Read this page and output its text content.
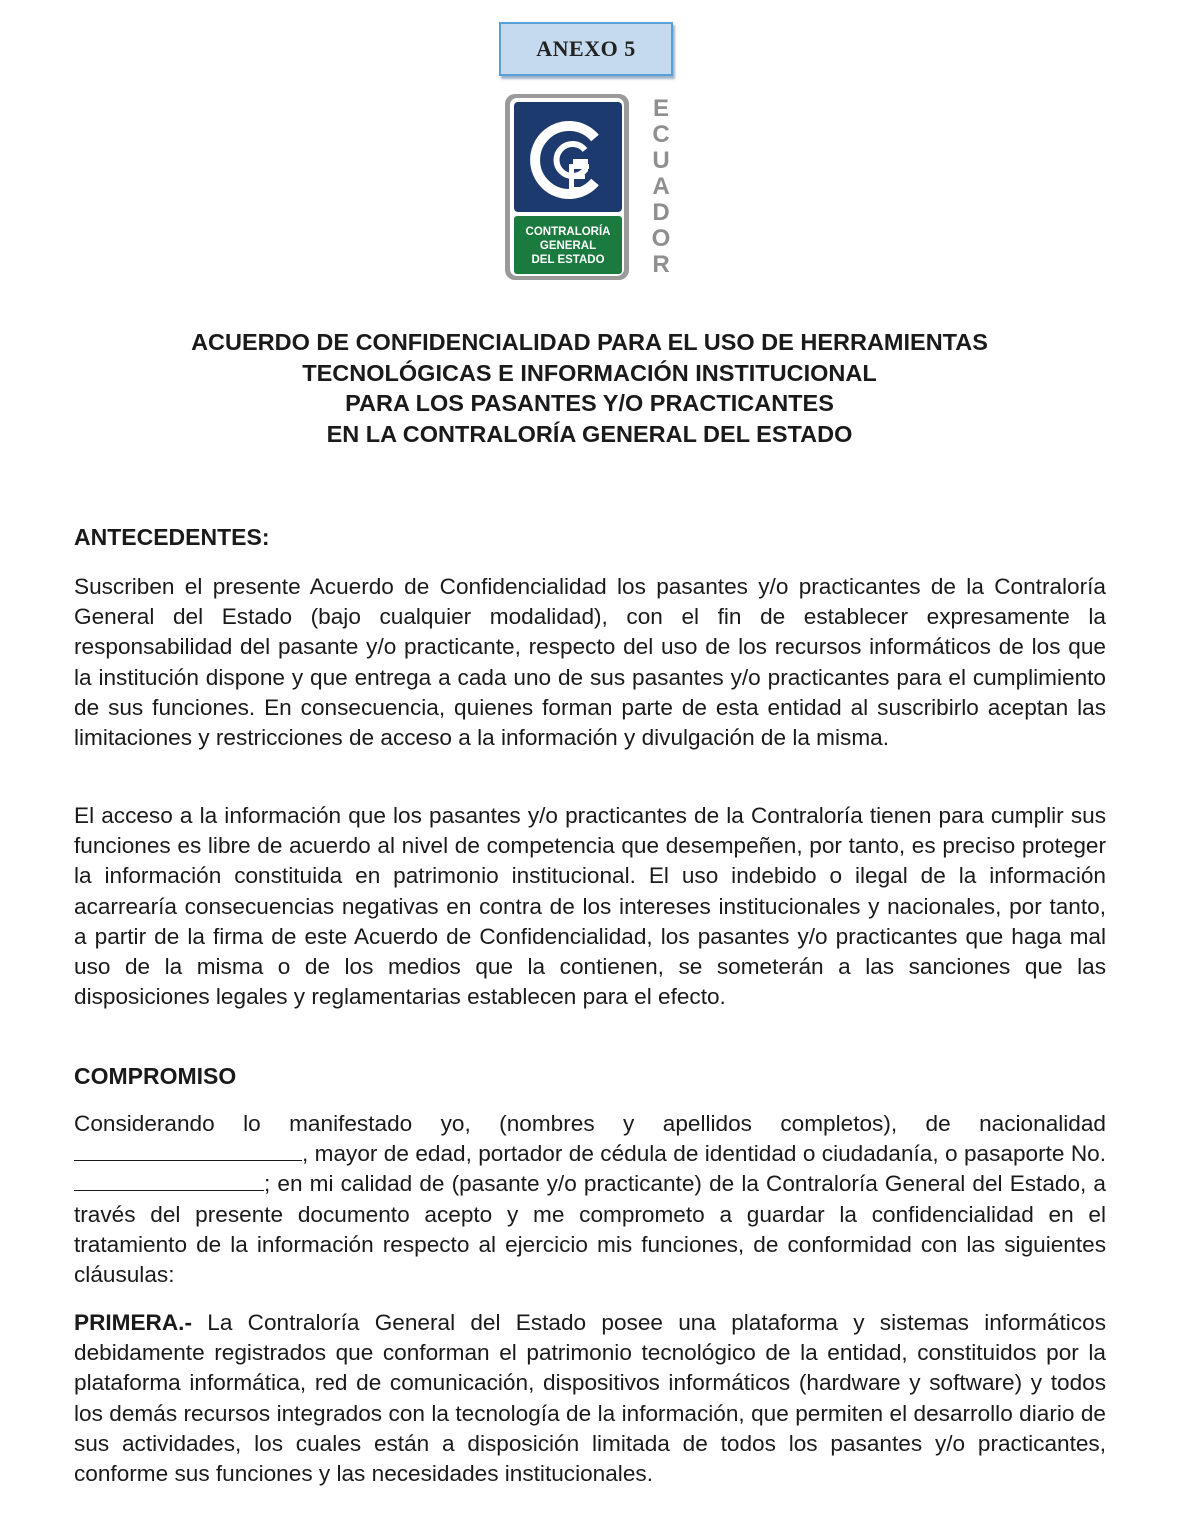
ANEXO 5
CONTRALORÍA
GENERAL
DEL ESTADO
E
C
U
A
D
O
R
ACUERDO DE CONFIDENCIALIDAD PARA EL USO DE HERRAMIENTAS
TECNOLÓGICAS E INFORMACIÓN INSTITUCIONAL
PARA LOS PASANTES Y/O PRACTICANTES
EN LA CONTRALORÍA GENERAL DEL ESTADO
ANTECEDENTES:

Suscriben el presente Acuerdo de Confidencialidad los pasantes y/o practicantes de la Contraloría General del Estado (bajo cualquier modalidad), con el fin de establecer expresamente la responsabilidad del pasante y/o practicante, respecto del uso de los recursos informáticos de los que la institución dispone y que entrega a cada uno de sus pasantes y/o practicantes para el cumplimiento de sus funciones. En consecuencia, quienes forman parte de esta entidad al suscribirlo aceptan las limitaciones y restricciones de acceso a la información y divulgación de la misma.

El acceso a la información que los pasantes y/o practicantes de la Contraloría tienen para cumplir sus funciones es libre de acuerdo al nivel de competencia que desempeñen, por tanto, es preciso proteger la información constituida en patrimonio institucional. El uso indebido o ilegal de la información acarrearía consecuencias negativas en contra de los intereses institucionales y nacionales, por tanto, a partir de la firma de este Acuerdo de Confidencialidad, los pasantes y/o practicantes que haga mal uso de la misma o de los medios que la contienen, se someterán a las sanciones que las disposiciones legales y reglamentarias establecen para el efecto.

COMPROMISO

Considerando lo manifestado yo, (nombres y apellidos completos), de nacionalidad , mayor de edad, portador de cédula de identidad o ciudadanía, o pasaporte No. ; en mi calidad de (pasante y/o practicante) de la Contraloría General del Estado, a través del presente documento acepto y me comprometo a guardar la confidencialidad en el tratamiento de la información respecto al ejercicio mis funciones, de conformidad con las siguientes cláusulas:

PRIMERA.- La Contraloría General del Estado posee una plataforma y sistemas informáticos debidamente registrados que conforman el patrimonio tecnológico de la entidad, constituidos por la plataforma informática, red de comunicación, dispositivos informáticos (hardware y software) y todos los demás recursos integrados con la tecnología de la información, que permiten el desarrollo diario de sus actividades, los cuales están a disposición limitada de todos los pasantes y/o practicantes, conforme sus funciones y las necesidades institucionales.
